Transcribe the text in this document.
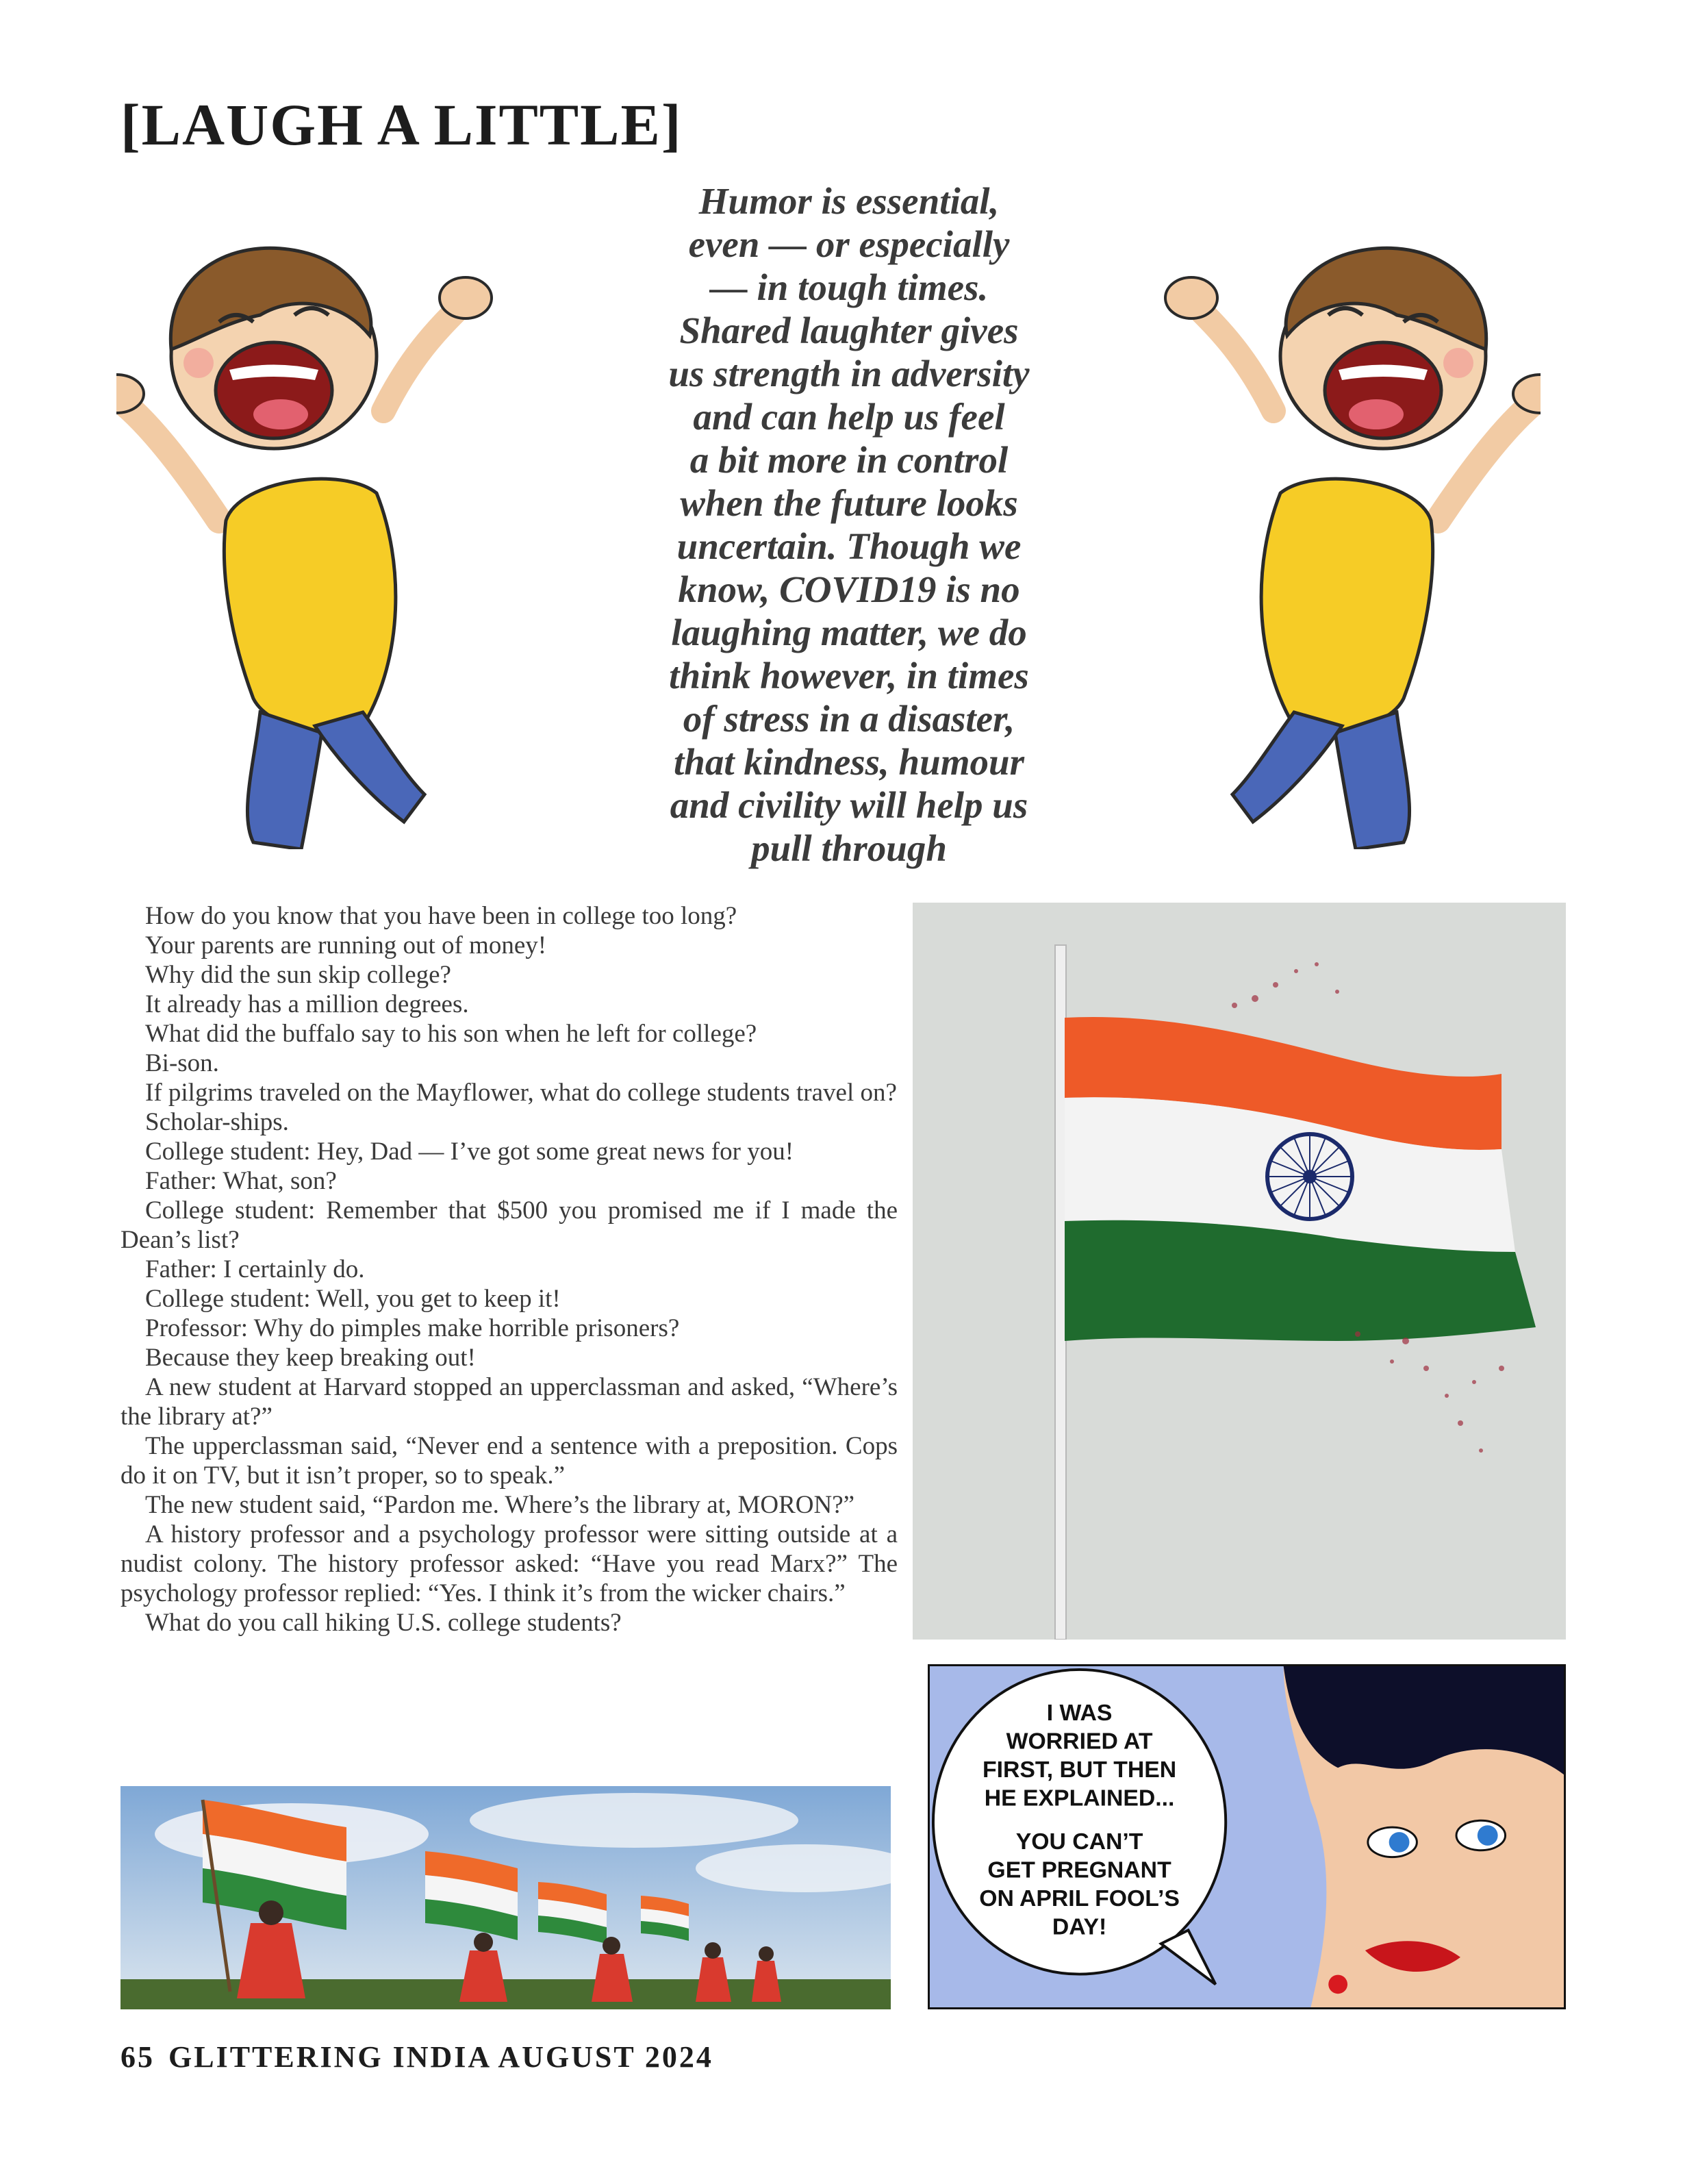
[LAUGH A LITTLE]
Humor is essential,
even — or especially
— in tough times.
Shared laughter gives
us strength in adversity
and can help us feel
a bit more in control
when the future looks
uncertain. Though we
know, COVID19 is no
laughing matter, we do
think however, in times
of stress in a disaster,
that kindness, humour
and civility will help us
pull through

How do you know that you have been in college too long?

Your parents are running out of money!

Why did the sun skip college?

It already has a million degrees.

What did the buffalo say to his son when he left for college?

Bi-son.

If pilgrims traveled on the Mayflower, what do college students travel on?

Scholar-ships.

College student: Hey, Dad — I’ve got some great news for you!

Father: What, son?

College student: Remember that $500 you promised me if I made the Dean’s list?

Father: I certainly do.

College student: Well, you get to keep it!

Professor: Why do pimples make horrible prisoners?

Because they keep breaking out!

A new student at Harvard stopped an upperclassman and asked, “Where’s the library at?”

The upperclassman said, “Never end a sentence with a preposition. Cops do it on TV, but it isn’t proper, so to speak.”

The new student said, “Pardon me. Where’s the library at, MORON?”

A history professor and a psychology professor were sitting outside at a nudist colony. The history professor asked: “Have you read Marx?” The psychology professor replied: “Yes. I think it’s from the wicker chairs.”

What do you call hiking U.S. college students?

I WAS
WORRIED AT
FIRST, BUT THEN
HE EXPLAINED...
YOU CAN’T
GET PREGNANT
ON APRIL FOOL’S
DAY!
65 GLITTERING INDIA AUGUST 2024
